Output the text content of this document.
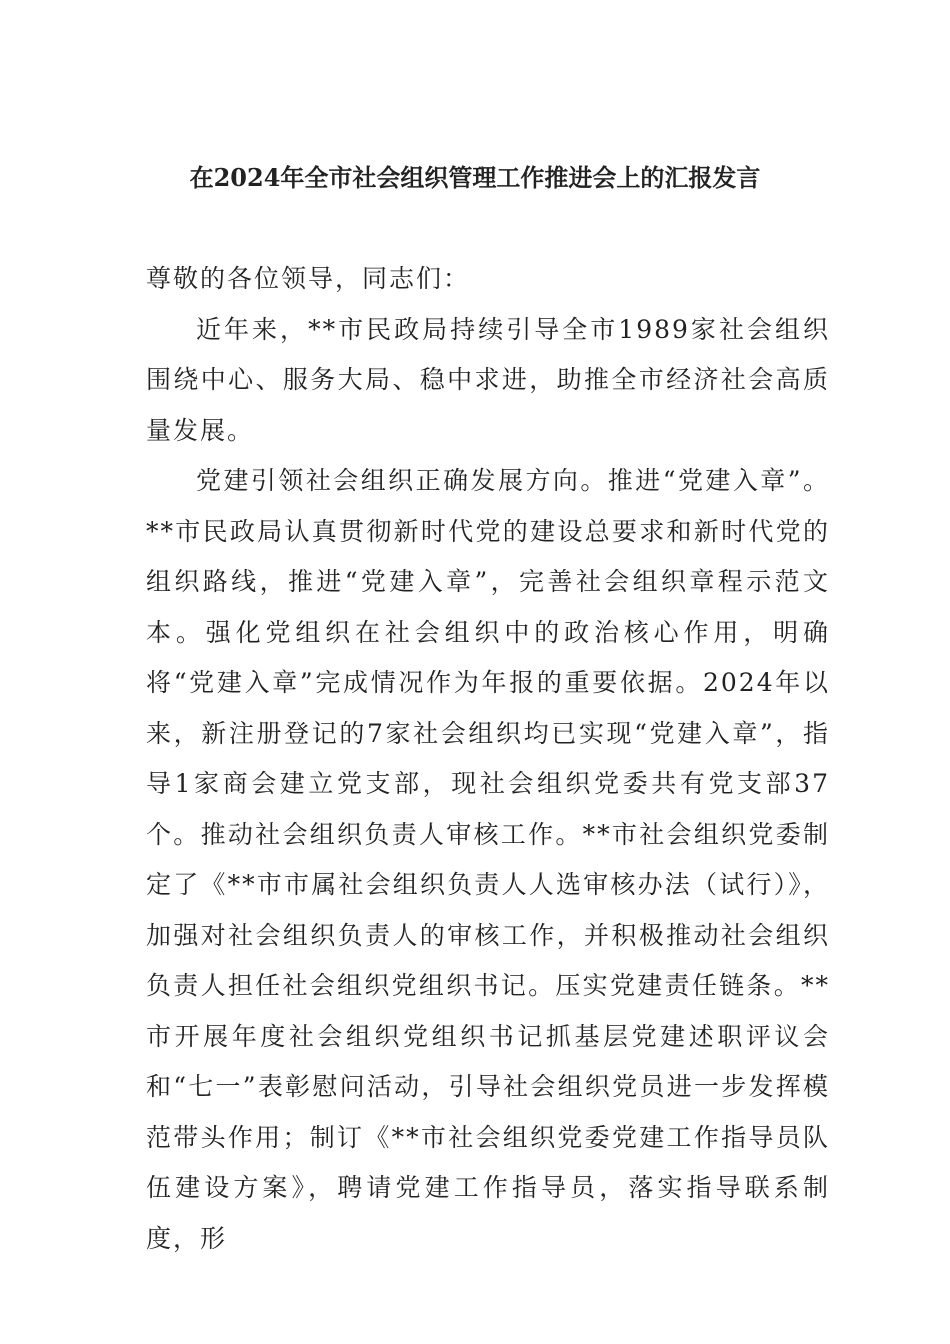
在2024年全市社会组织管理工作推进会上的汇报发言

尊敬的各位领导，同志们：

近年来，**市民政局持续引导全市1989家社会组织围绕中心、服务大局、稳中求进，助推全市经济社会高质量发展。

党建引领社会组织正确发展方向。推进“党建入章”。**市民政局认真贯彻新时代党的建设总要求和新时代党的组织路线，推进“党建入章”，完善社会组织章程示范文本。强化党组织在社会组织中的政治核心作用，明确将“党建入章”完成情况作为年报的重要依据。2024年以来，新注册登记的7家社会组织均已实现“党建入章”，指导1家商会建立党支部，现社会组织党委共有党支部37个。推动社会组织负责人审核工作。**市社会组织党委制定了《**市市属社会组织负责人人选审核办法（试行）》，加强对社会组织负责人的审核工作，并积极推动社会组织负责人担任社会组织党组织书记。压实党建责任链条。**市开展年度社会组织党组织书记抓基层党建述职评议会和“七一”表彰慰问活动，引导社会组织党员进一步发挥模范带头作用；制订《**市社会组织党委党建工作指导员队伍建设方案》，聘请党建工作指导员，落实指导联系制度，形
